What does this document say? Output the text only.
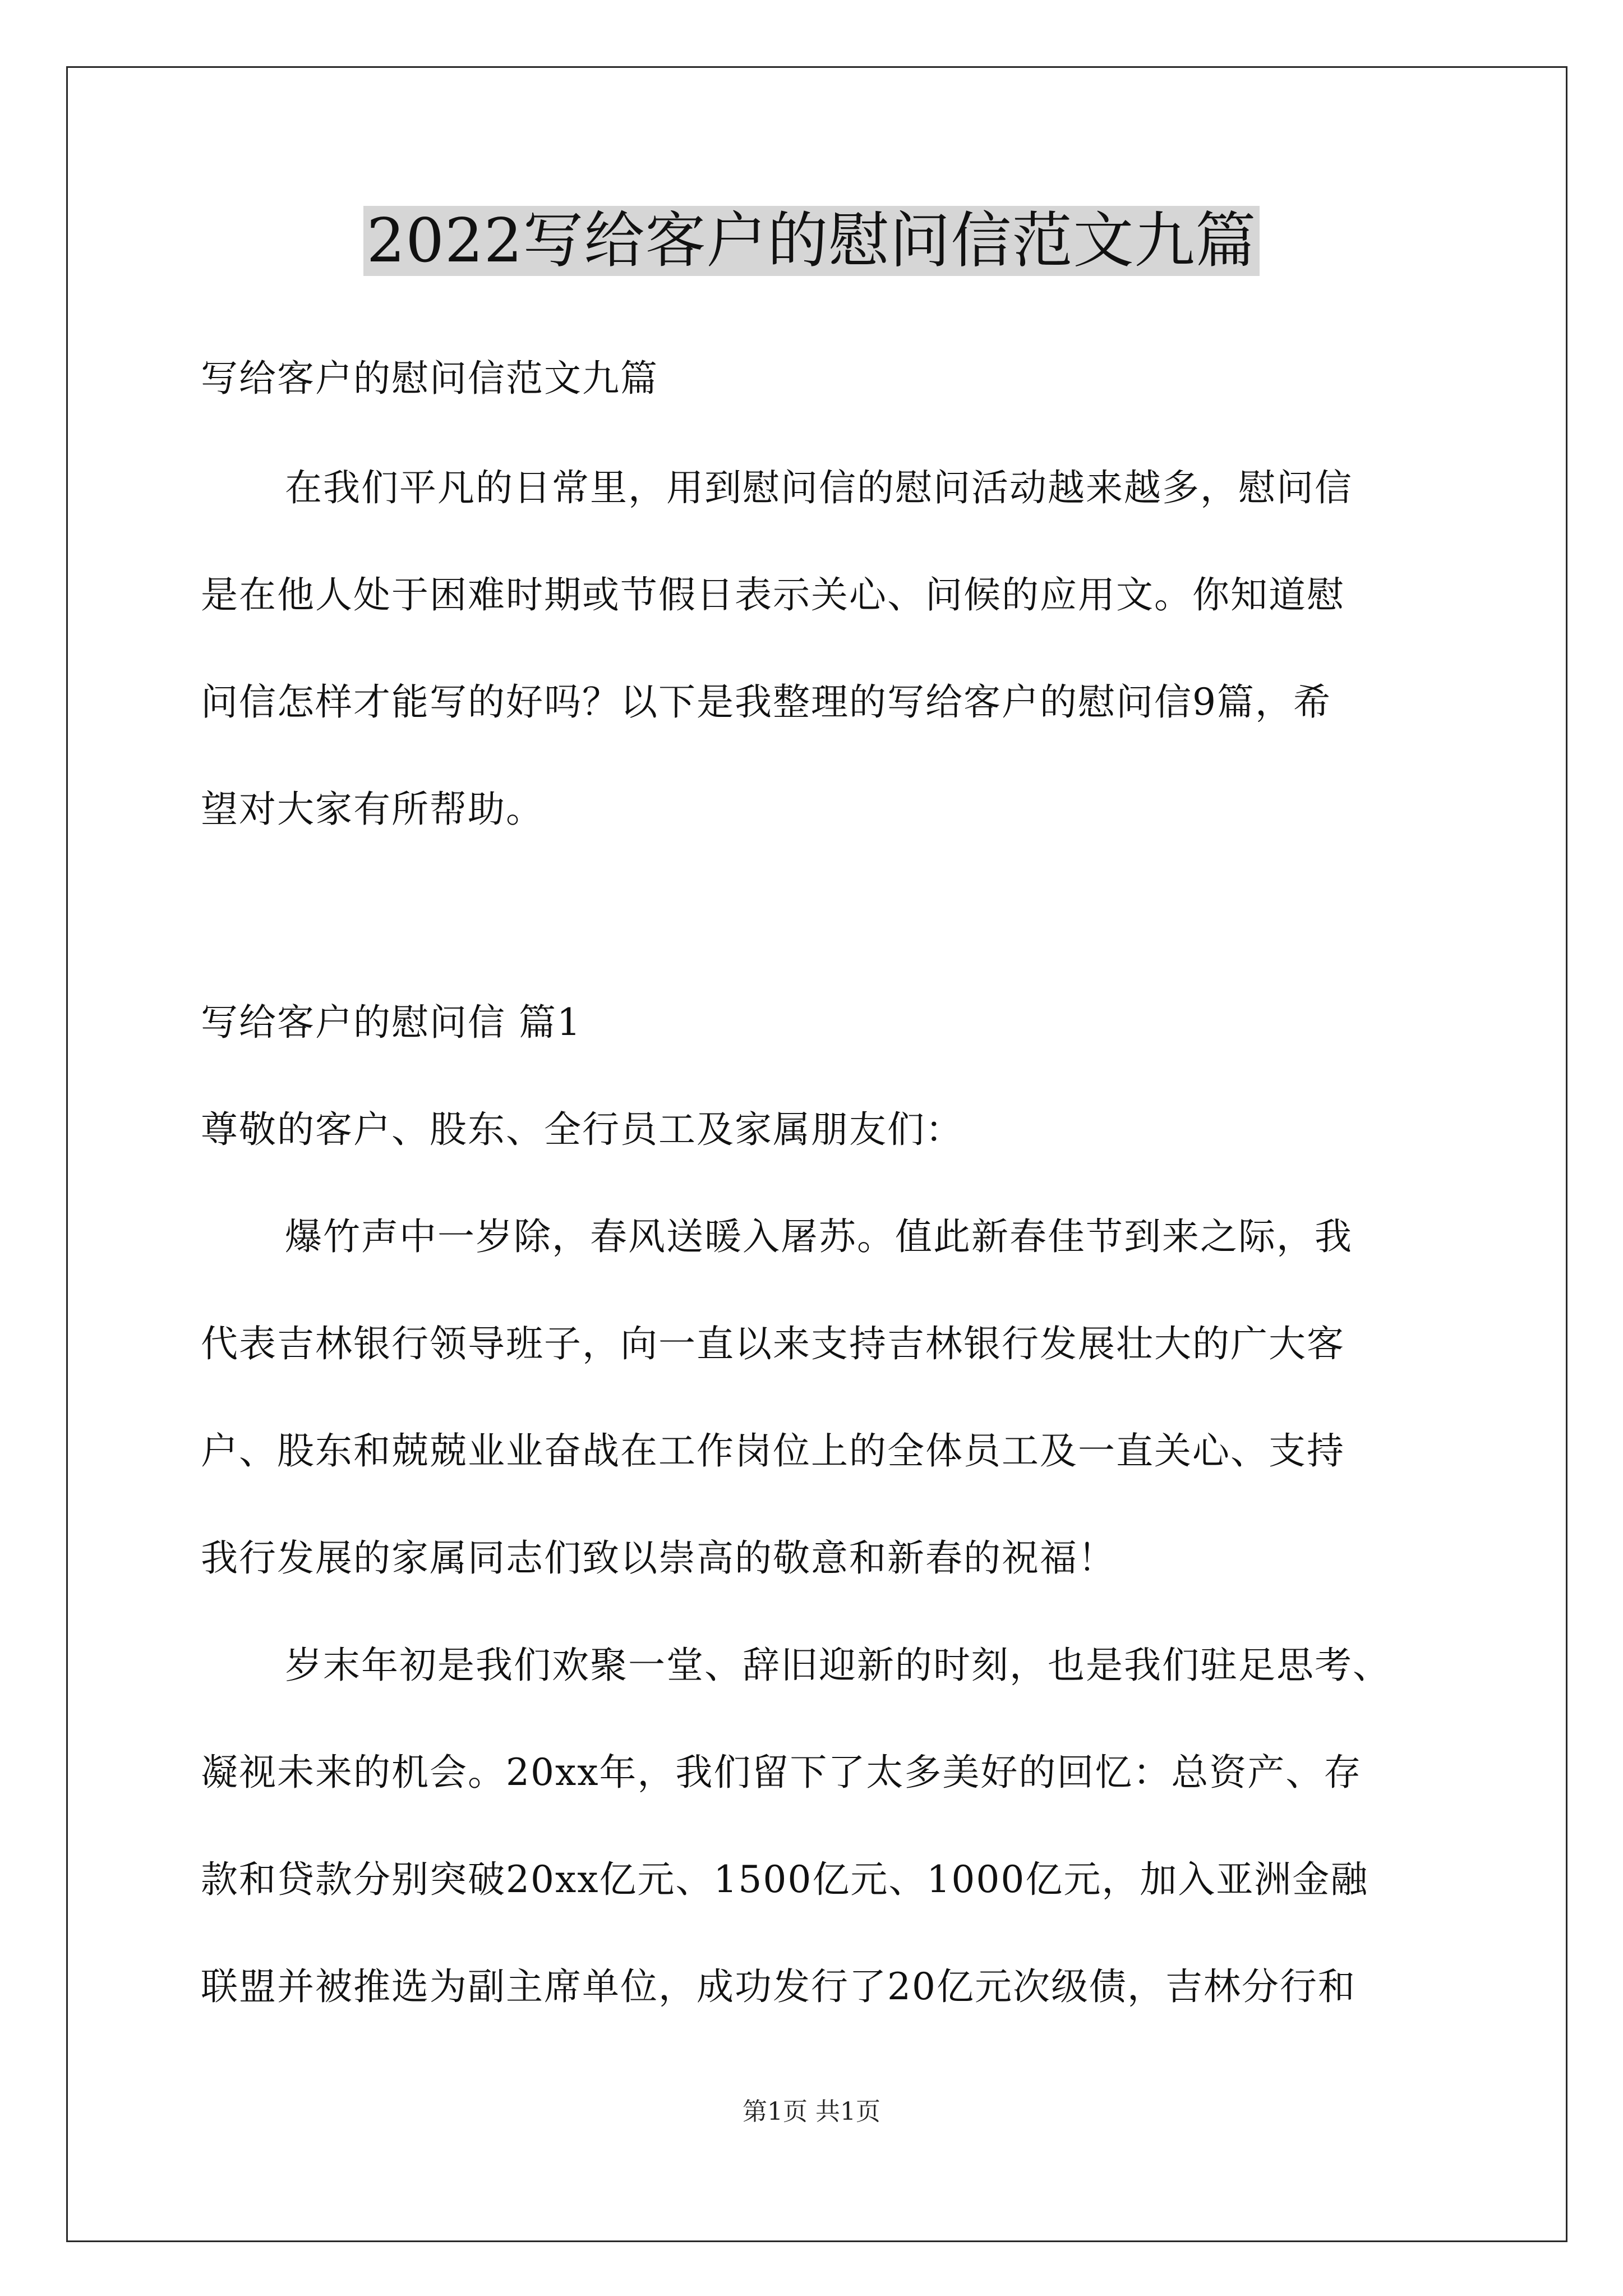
2022写给客户的慰问信范文九篇
写给客户的慰问信范文九篇
在我们平凡的日常里，用到慰问信的慰问活动越来越多，慰问信
是在他人处于困难时期或节假日表示关心、问候的应用文。你知道慰
问信怎样才能写的好吗？以下是我整理的写给客户的慰问信9篇，希
望对大家有所帮助。
写给客户的慰问信 篇1
尊敬的客户、股东、全行员工及家属朋友们：
爆竹声中一岁除，春风送暖入屠苏。值此新春佳节到来之际，我
代表吉林银行领导班子，向一直以来支持吉林银行发展壮大的广大客
户、股东和兢兢业业奋战在工作岗位上的全体员工及一直关心、支持
我行发展的家属同志们致以崇高的敬意和新春的祝福！
岁末年初是我们欢聚一堂、辞旧迎新的时刻，也是我们驻足思考、
凝视未来的机会。20xx年，我们留下了太多美好的回忆：总资产、存
款和贷款分别突破20xx亿元、1500亿元、1000亿元，加入亚洲金融
联盟并被推选为副主席单位，成功发行了20亿元次级债，吉林分行和
第1页 共1页
